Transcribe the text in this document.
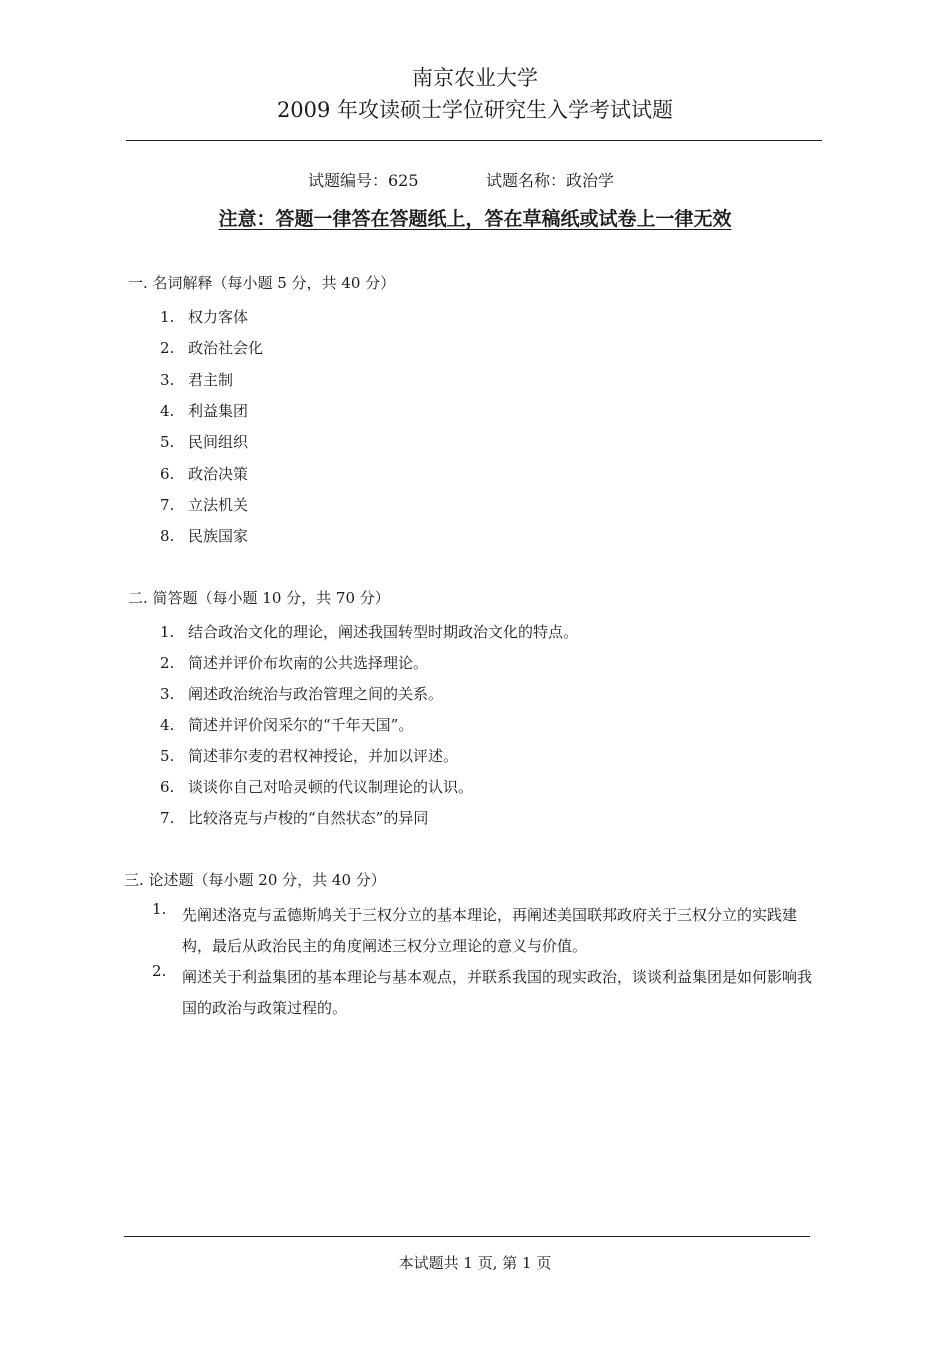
南京农业大学
2009 年攻读硕士学位研究生入学考试试题
试题编号：625	试题名称：政治学
注意：答题一律答在答题纸上，答在草稿纸或试卷上一律无效
一. 名词解释（每小题 5 分，共 40 分）
1. 权力客体
2. 政治社会化
3. 君主制
4. 利益集团
5. 民间组织
6. 政治决策
7. 立法机关
8. 民族国家
二. 简答题（每小题 10 分，共 70 分）
1. 结合政治文化的理论，阐述我国转型时期政治文化的特点。
2. 简述并评价布坎南的公共选择理论。
3. 阐述政治统治与政治管理之间的关系。
4. 简述并评价闵采尔的“千年天国”。
5. 简述菲尔麦的君权神授论，并加以评述。
6. 谈谈你自己对哈灵顿的代议制理论的认识。
7. 比较洛克与卢梭的“自然状态”的异同
三. 论述题（每小题 20 分，共 40 分）
1. 先阐述洛克与孟德斯鸠关于三权分立的基本理论，再阐述美国联邦政府关于三权分立的实践建构，最后从政治民主的角度阐述三权分立理论的意义与价值。
2. 阐述关于利益集团的基本理论与基本观点，并联系我国的现实政治，谈谈利益集团是如何影响我国的政治与政策过程的。
本试题共 1 页, 第 1 页
